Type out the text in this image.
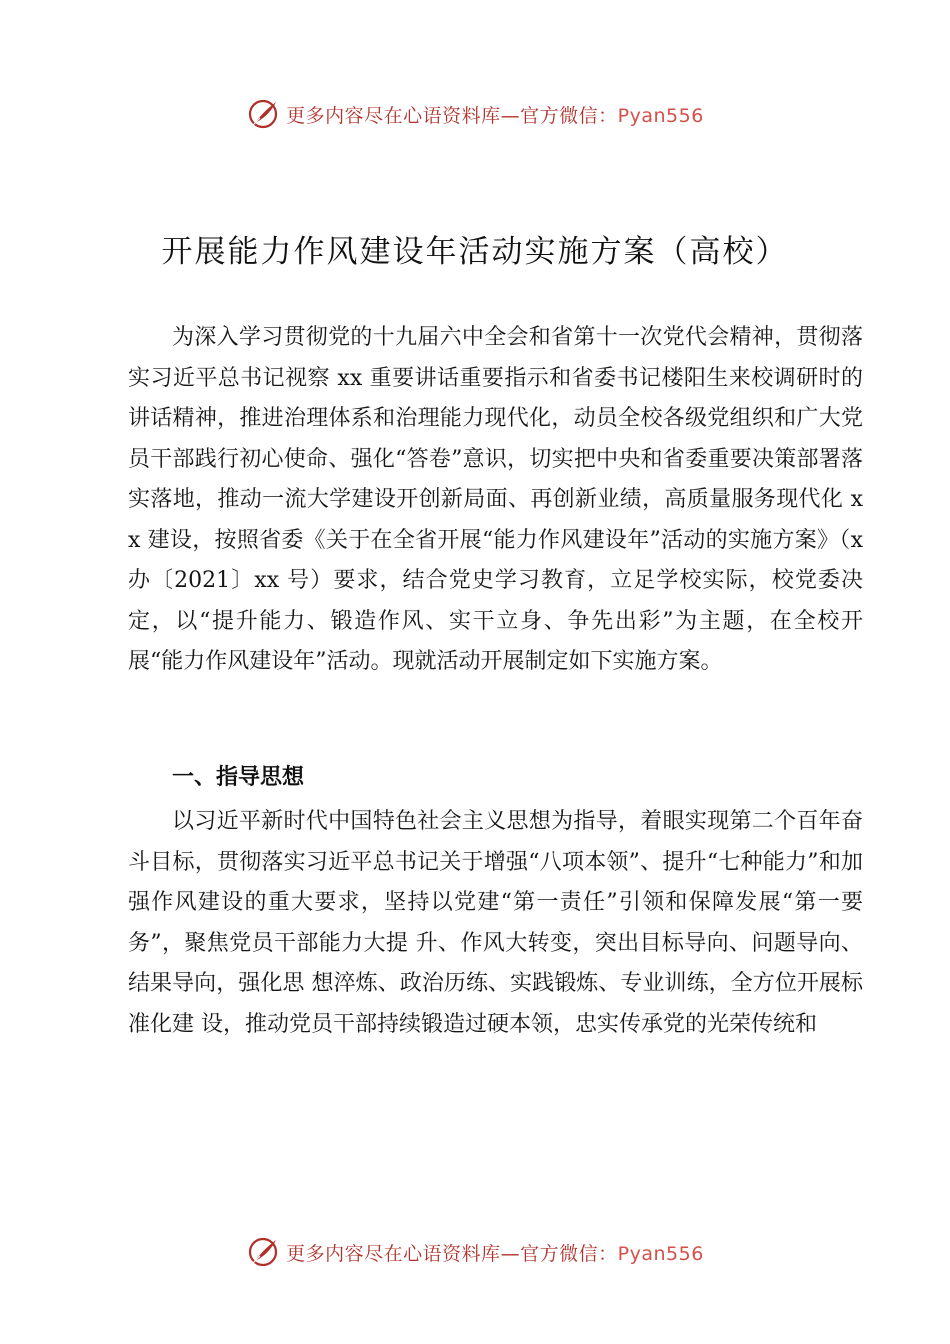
更多内容尽在心语资料库—官方微信：Pyan556
开展能力作风建设年活动实施方案（高校）

为深入学习贯彻党的十九届六中全会和省第十一次党代会精神，贯彻落实习近平总书记视察 xx 重要讲话重要指示和省委书记楼阳生来校调研时的讲话精神，推进治理体系和治理能力现代化，动员全校各级党组织和广大党员干部践行初心使命、强化“答卷”意识，切实把中央和省委重要决策部署落实落地，推动一流大学建设开创新局面、再创新业绩，高质量服务现代化 xx 建设，按照省委《关于在全省开展“能力作风建设年”活动的实施方案》（x 办〔2021〕xx 号）要求，结合党史学习教育，立足学校实际，校党委决定，以“提升能力、锻造作风、实干立身、争先出彩”为主题，在全校开展“能力作风建设年”活动。现就活动开展制定如下实施方案。

一、指导思想

以习近平新时代中国特色社会主义思想为指导，着眼实现第二个百年奋斗目标，贯彻落实习近平总书记关于增强“八项本领”、提升“七种能力”和加强作风建设的重大要求，坚持以党建“第一责任”引领和保障发展“第一要务”，聚焦党员干部能力大提 升、作风大转变，突出目标导向、问题导向、结果导向，强化思 想淬炼、政治历练、实践锻炼、专业训练，全方位开展标准化建 设，推动党员干部持续锻造过硬本领，忠实传承党的光荣传统和

更多内容尽在心语资料库—官方微信：Pyan556
